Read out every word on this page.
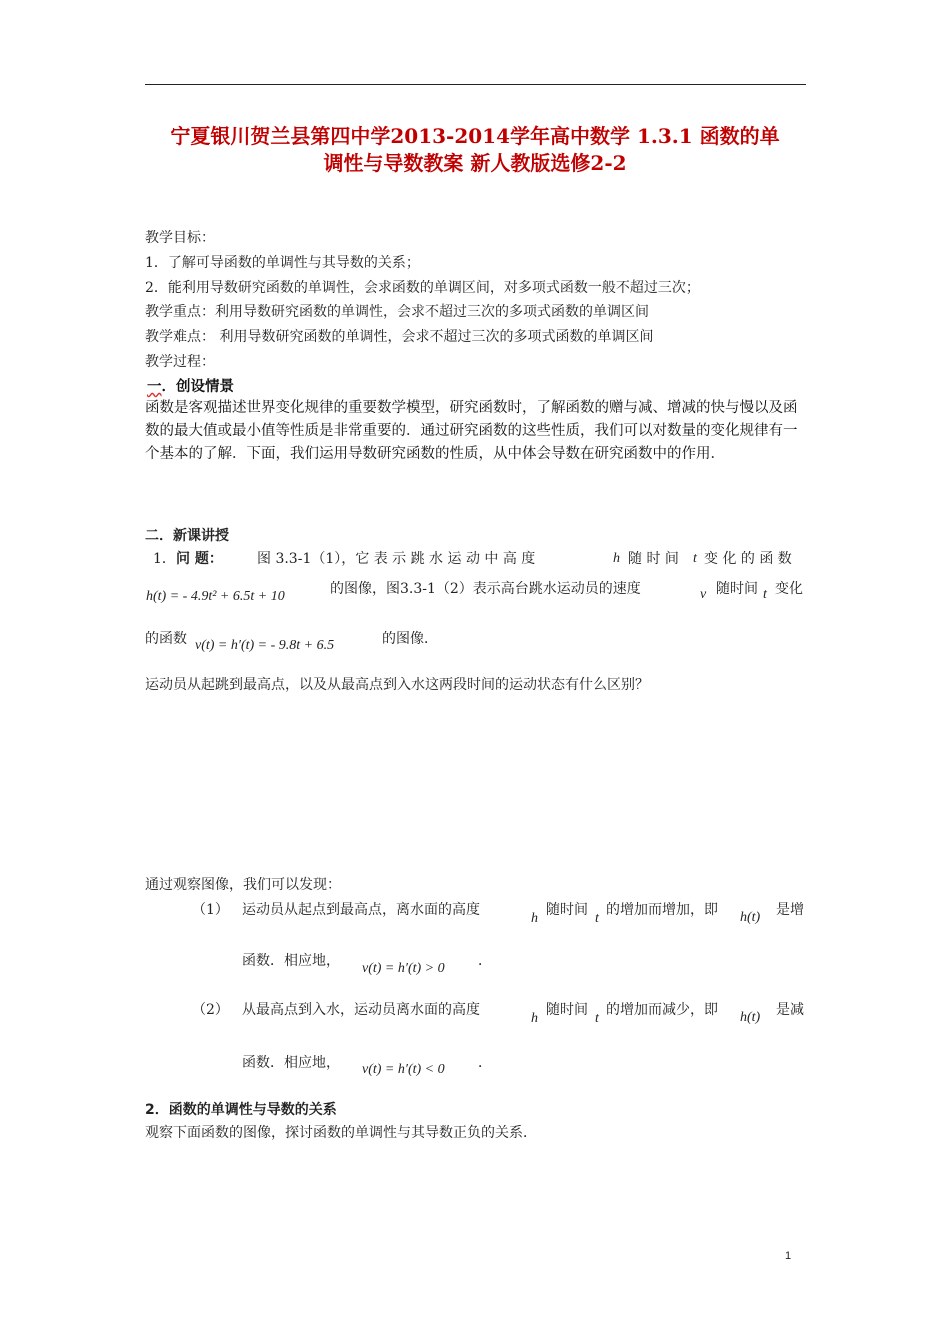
宁夏银川贺兰县第四中学2013-2014学年高中数学 1.3.1 函数的单
调性与导数教案 新人教版选修2-2
教学目标：
1．了解可导函数的单调性与其导数的关系；
2．能利用导数研究函数的单调性，会求函数的单调区间，对多项式函数一般不超过三次；
教学重点：利用导数研究函数的单调性，会求不超过三次的多项式函数的单调区间
教学难点： 利用导数研究函数的单调性，会求不超过三次的多项式函数的单调区间
教学过程：
一．创设情景
函数是客观描述世界变化规律的重要数学模型，研究函数时，了解函数的赠与减、增减的快与慢以及函数的最大值或最小值等性质是非常重要的．通过研究函数的这些性质，我们可以对数量的变化规律有一个基本的了解．下面，我们运用导数研究函数的性质，从中体会导数在研究函数中的作用．
二．新课讲授
1． 问 题： 图 3.3-1（1），它 表 示 跳 水 运 动 中 高 度	h 随 时 间 t 变 化 的 函 数
h(t) = - 4.9t² + 6.5t + 10	的图像，图3.3-1（2）表示高台跳水运动员的速度	v 随时间 t 变化
的函数 v(t) = h′(t) = - 9.8t + 6.5	的图像．
运动员从起跳到最高点，以及从最高点到入水这两段时间的运动状态有什么区别？
通过观察图像，我们可以发现：
（1） 运动员从起点到最高点，离水面的高度
h
随时间
t
的增加而增加，即 h(t) 是增
函数．相应地， v(t) = h′(t) > 0 ．
（2） 从最高点到入水，运动员离水面的高度
h
随时间
t
的增加而减少，即 h(t) 是减
函数．相应地， v(t) = h′(t) < 0 ．
2．函数的单调性与导数的关系
观察下面函数的图像，探讨函数的单调性与其导数正负的关系．
1
